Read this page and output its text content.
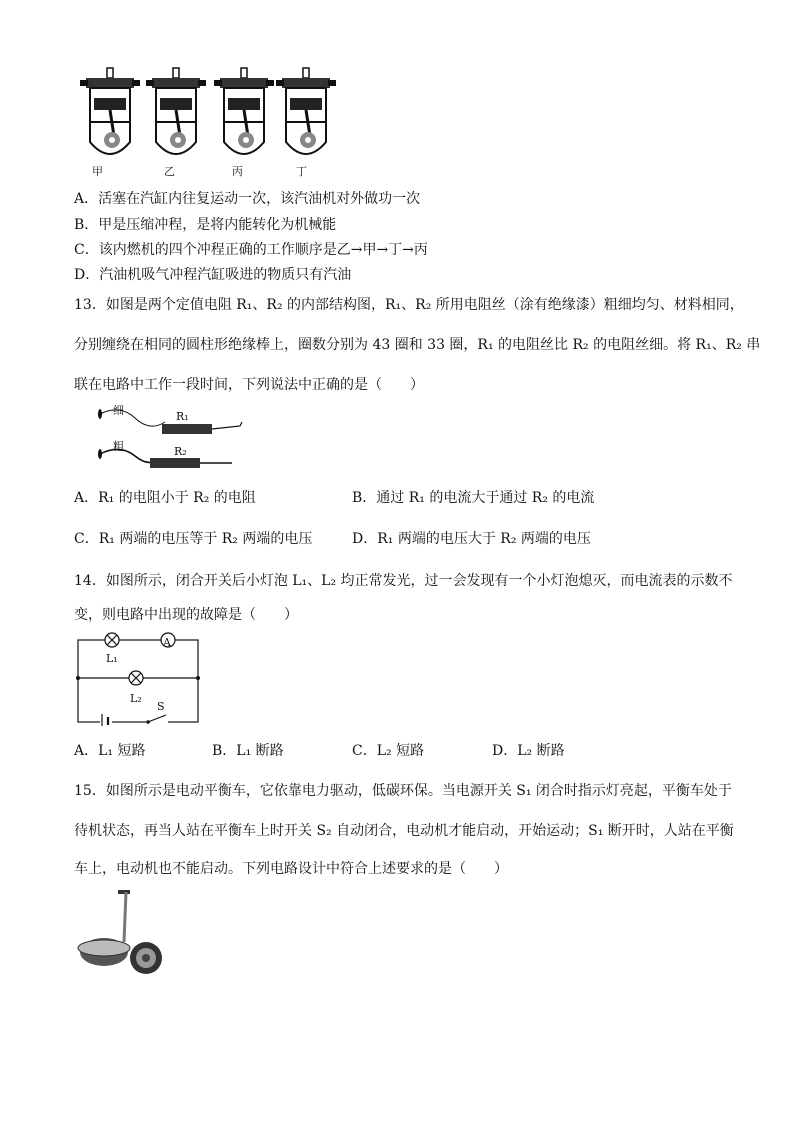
甲	乙	丙	丁
A．活塞在汽缸内往复运动一次，该汽油机对外做功一次
B．甲是压缩冲程，是将内能转化为机械能
C．该内燃机的四个冲程正确的工作顺序是乙→甲→丁→丙
D．汽油机吸气冲程汽缸吸进的物质只有汽油
13．如图是两个定值电阻 R₁、R₂ 的内部结构图，R₁、R₂ 所用电阻丝（涂有绝缘漆）粗细均匀、材料相同，
分别缠绕在相同的圆柱形绝缘棒上，圈数分别为 43 圈和 33 圈，R₁ 的电阻丝比 R₂ 的电阻丝细。将 R₁、R₂ 串
联在电路中工作一段时间，下列说法中正确的是（　　）
细
粗
R₁
R₂
A．R₁ 的电阻小于 R₂ 的电阻	B．通过 R₁ 的电流大于通过 R₂ 的电流
C．R₁ 两端的电压等于 R₂ 两端的电压	D．R₁ 两端的电压大于 R₂ 两端的电压
14．如图所示，闭合开关后小灯泡 L₁、L₂ 均正常发光，过一会发现有一个小灯泡熄灭，而电流表的示数不
变，则电路中出现的故障是（　　）
A
L₁
L₂
S
A．L₁ 短路	B．L₁ 断路	C．L₂ 短路	D．L₂ 断路
15．如图所示是电动平衡车，它依靠电力驱动，低碳环保。当电源开关 S₁ 闭合时指示灯亮起，平衡车处于
待机状态，再当人站在平衡车上时开关 S₂ 自动闭合，电动机才能启动，开始运动；S₁ 断开时，人站在平衡
车上，电动机也不能启动。下列电路设计中符合上述要求的是（　　）
